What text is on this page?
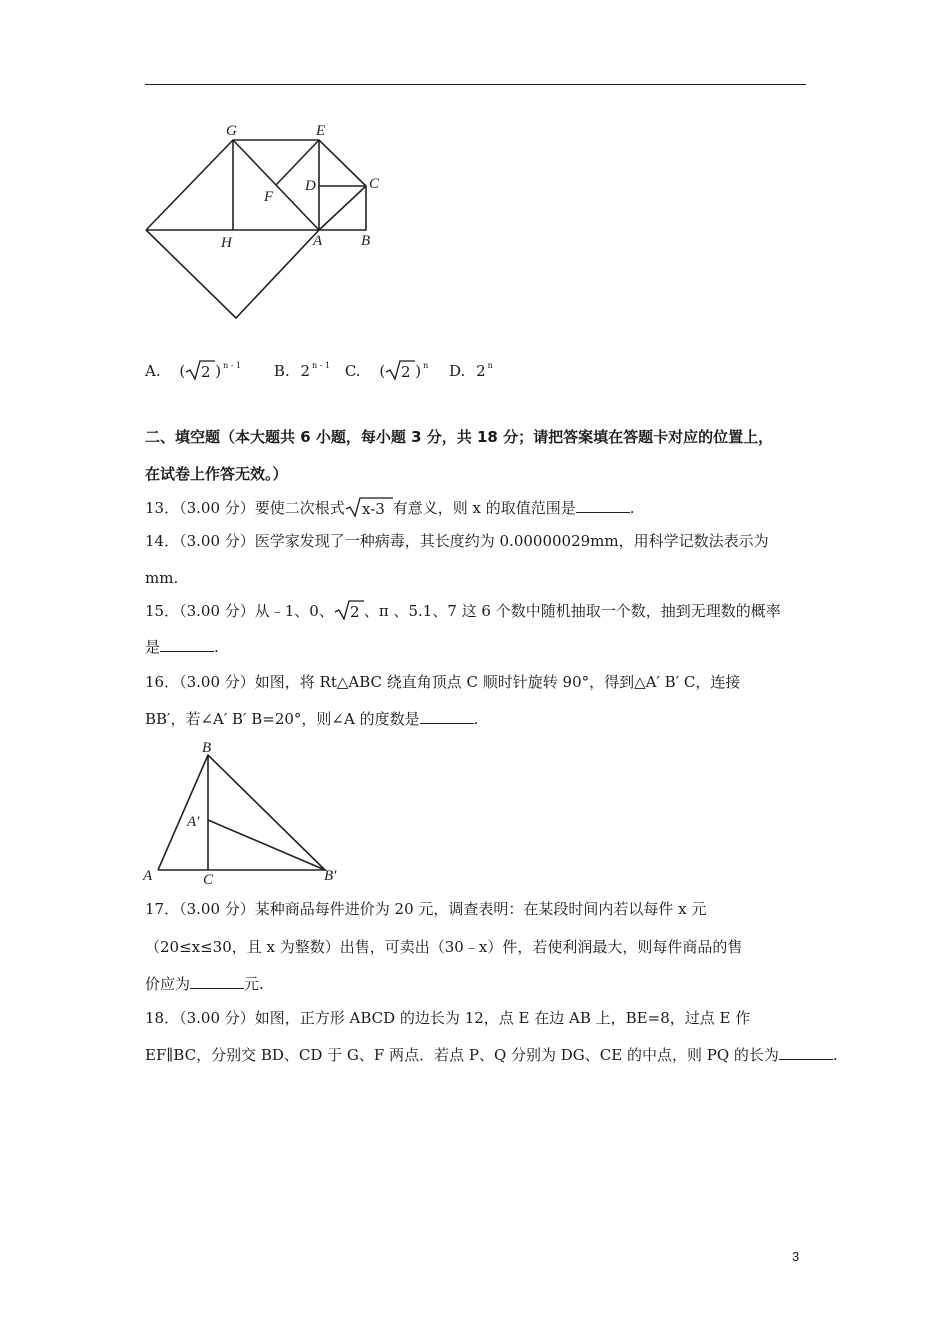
G	E
C
D
F
H	A	B
A. ( 2 ) $^{n - 1}$ B. 2 $^{n - 1}$ C. ( 2 ) $^n$ D. 2 $^n$
二、填空题（本大题共 6 小题，每小题 3 分，共 18 分；请把答案填在答题卡对应的位置上，
在试卷上作答无效。）
13．（3.00 分）要使二次根式 x-3 有意义，则 x 的取值范围是	.
14．（3.00 分）医学家发现了一种病毒，其长度约为 0.00000029mm，用科学记数法表示为
mm.
15．（3.00 分）从﹣1、0、 2 、π 、5.1、7 这 6 个数中随机抽取一个数，抽到无理数的概率
是	.
16．（3.00 分）如图，将 Rt△ABC 绕直角顶点 C 顺时针旋转 90°，得到△A′ B′ C，连接
BB′，若∠A′ B′ B=20°，则∠A 的度数是	.
B
A′
A	C	B′
17．（3.00 分）某种商品每件进价为 20 元，调查表明：在某段时间内若以每件 x 元
（20≤x≤30，且 x 为整数）出售，可卖出（30﹣x）件，若使利润最大，则每件商品的售
价应为	元.
18．（3.00 分）如图，正方形 ABCD 的边长为 12，点 E 在边 AB 上，BE=8，过点 E 作
EF∥BC，分别交 BD、CD 于 G、F 两点．若点 P、Q 分别为 DG、CE 的中点，则 PQ 的长为	.
3
